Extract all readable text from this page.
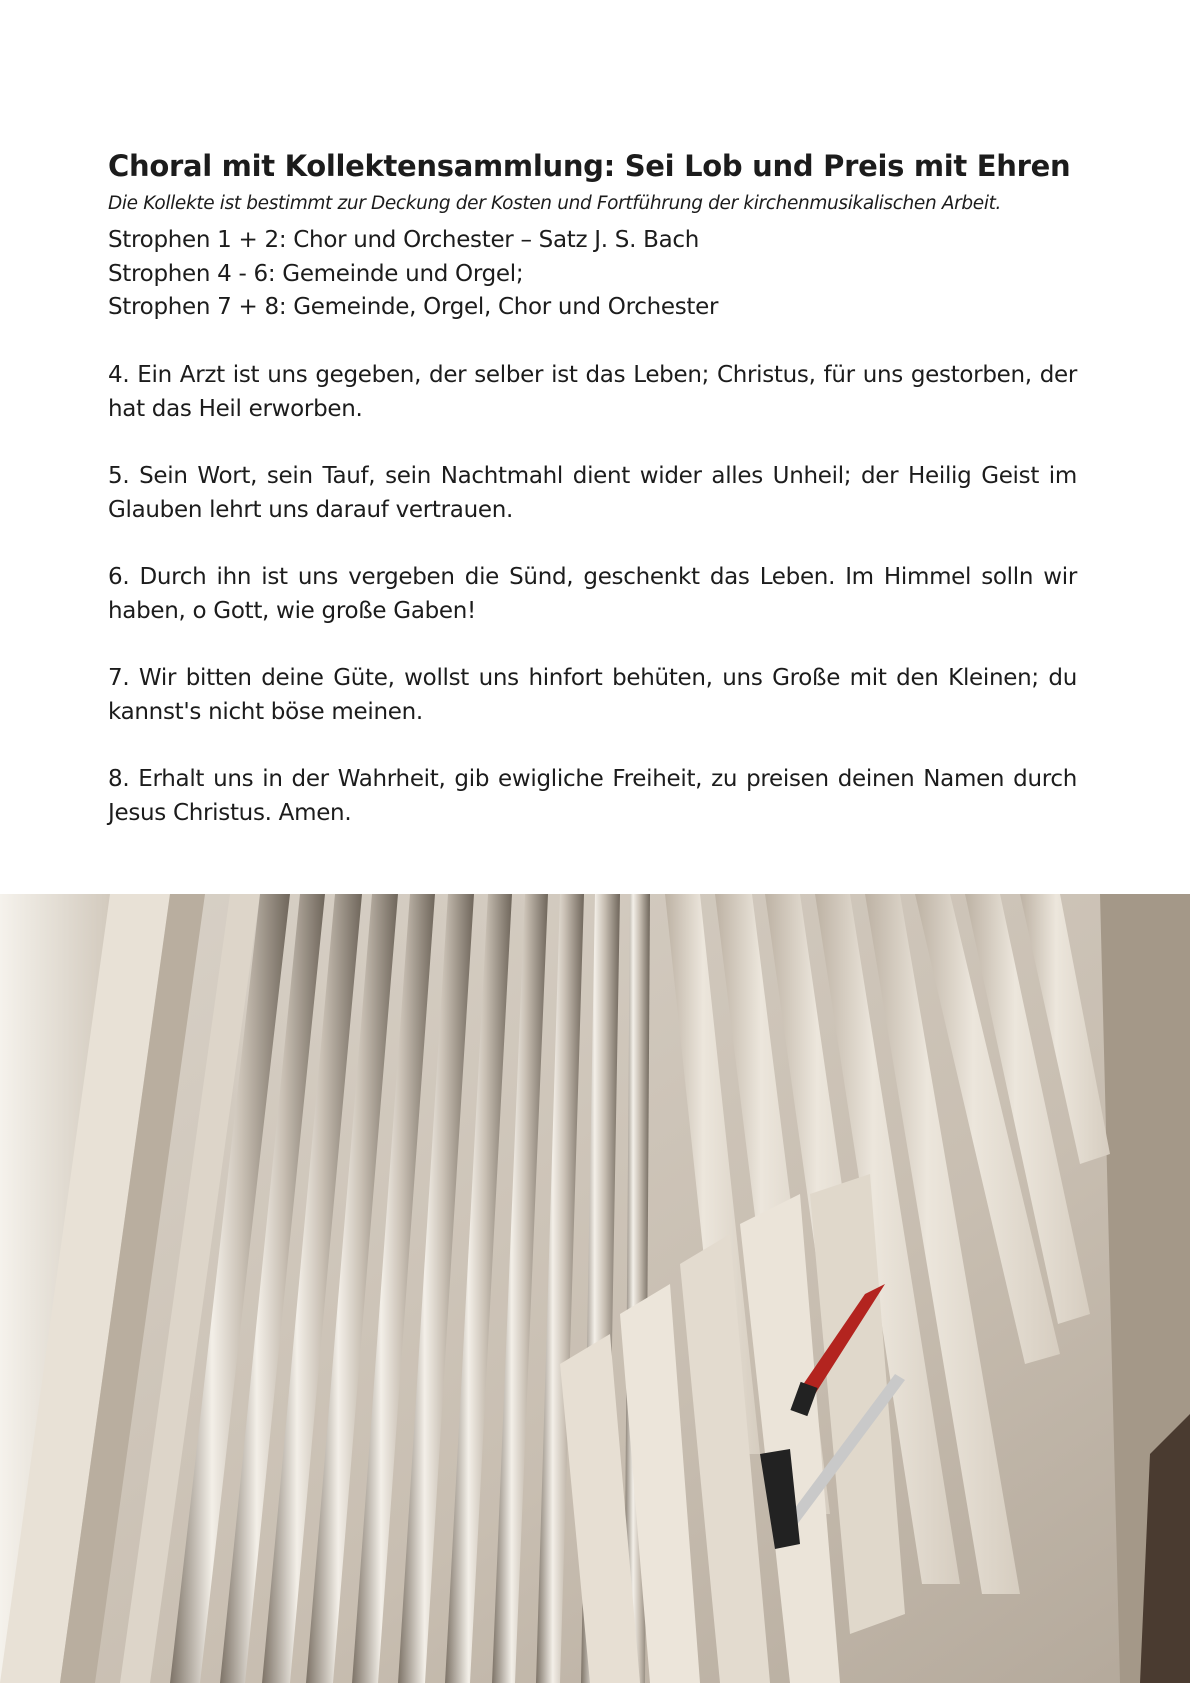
Choral mit Kollektensammlung: Sei Lob und Preis mit Ehren
Die Kollekte ist bestimmt zur Deckung der Kosten und Fortführung der kirchenmusikalischen Arbeit.
Strophen 1 + 2: Chor und Orchester – Satz J. S. Bach
Strophen 4 - 6: Gemeinde und Orgel;
Strophen 7 + 8: Gemeinde, Orgel, Chor und Orchester

4. Ein Arzt ist uns gegeben, der selber ist das Leben; Christus, für uns gestorben, der hat das Heil erworben.

5. Sein Wort, sein Tauf, sein Nachtmahl dient wider alles Unheil; der Heilig Geist im Glauben lehrt uns darauf vertrauen.

6. Durch ihn ist uns vergeben die Sünd, geschenkt das Leben. Im Himmel solln wir haben, o Gott, wie große Gaben!

7. Wir bitten deine Güte, wollst uns hinfort behüten, uns Große mit den Kleinen; du kannst's nicht böse meinen.

8. Erhalt uns in der Wahrheit, gib ewigliche Freiheit, zu preisen deinen Namen durch Jesus Christus. Amen.
